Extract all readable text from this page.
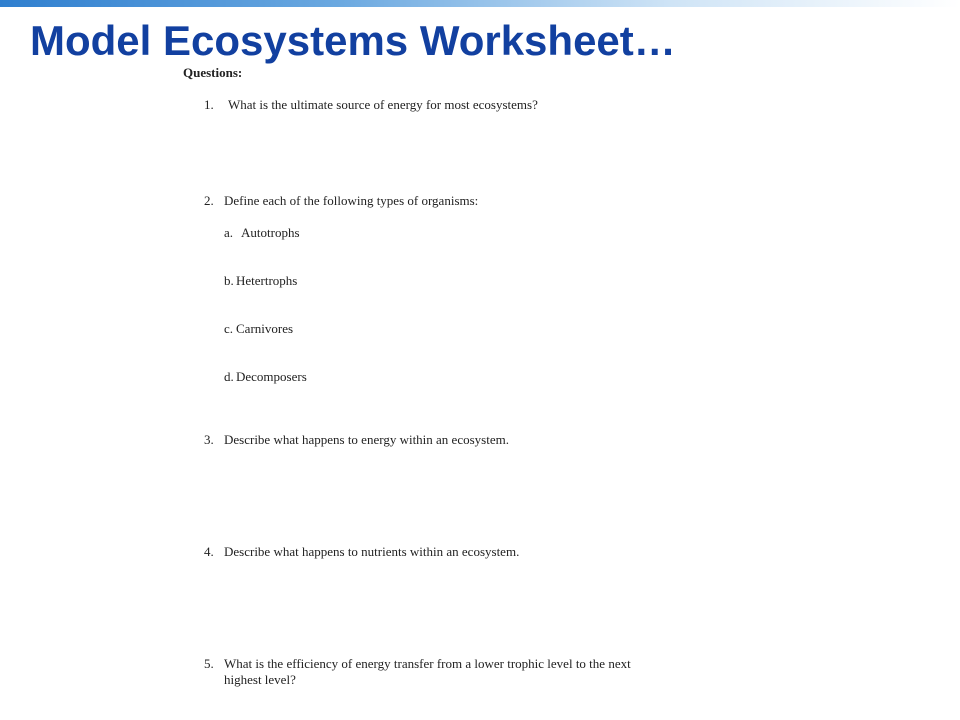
Questions:
1. What is the ultimate source of energy for most ecosystems?
2. Define each of the following types of organisms:
a. Autotrophs
b. Hetertrophs
c. Carnivores
d. Decomposers
3. Describe what happens to energy within an ecosystem.
4. Describe what happens to nutrients within an ecosystem.
5. What is the efficiency of energy transfer from a lower trophic level to the next
highest level?
Model Ecosystems Worksheet…
